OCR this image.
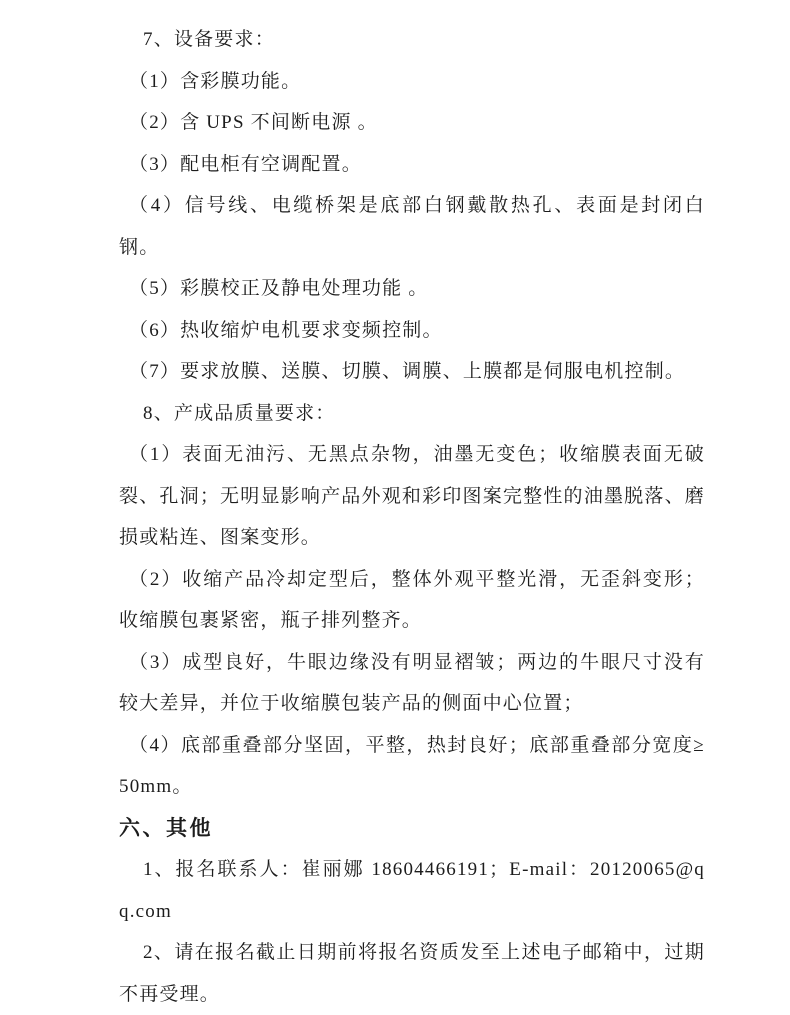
7、设备要求：

（1）含彩膜功能。

（2）含 UPS 不间断电源 。

（3）配电柜有空调配置。

（4）信号线、电缆桥架是底部白钢戴散热孔、表面是封闭白钢。

（5）彩膜校正及静电处理功能 。

（6）热收缩炉电机要求变频控制。

（7）要求放膜、送膜、切膜、调膜、上膜都是伺服电机控制。

8、产成品质量要求：

（1）表面无油污、无黑点杂物，油墨无变色；收缩膜表面无破裂、孔洞；无明显影响产品外观和彩印图案完整性的油墨脱落、磨损或粘连、图案变形。

（2）收缩产品冷却定型后，整体外观平整光滑，无歪斜变形；收缩膜包裹紧密，瓶子排列整齐。

（3）成型良好，牛眼边缘没有明显褶皱；两边的牛眼尺寸没有较大差异，并位于收缩膜包装产品的侧面中心位置；

（4）底部重叠部分坚固，平整，热封良好；底部重叠部分宽度≥50mm。

六、其他

1、报名联系人：崔丽娜 18604466191；E-mail：20120065@qq.com

2、请在报名截止日期前将报名资质发至上述电子邮箱中，过期不再受理。
